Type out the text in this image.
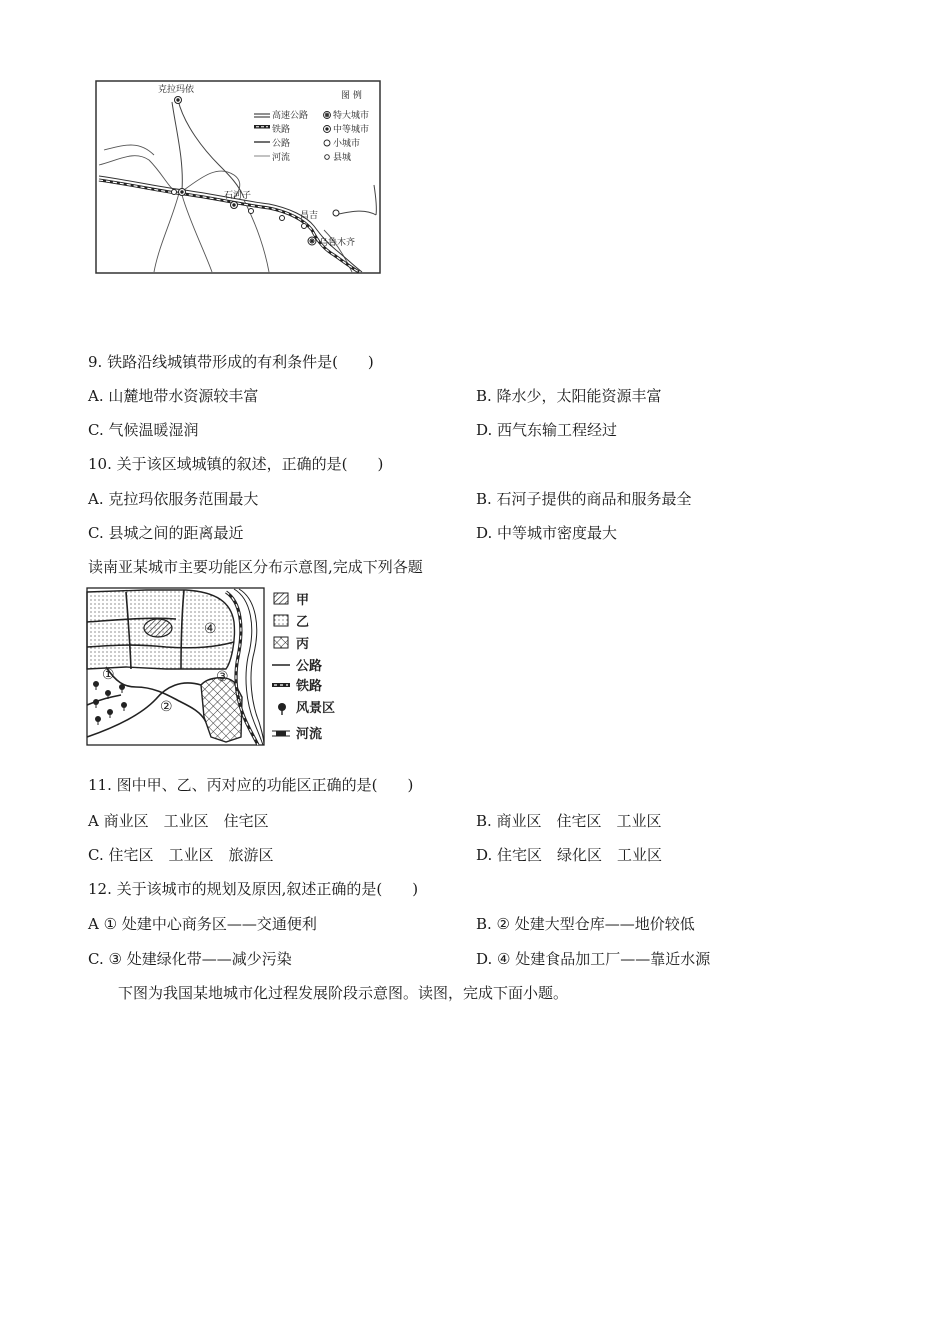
克拉玛依
石河子
昌吉
乌鲁木齐
图 例
高速公路
铁路
公路
河流
特大城市
中等城市
小城市
县城
9. 铁路沿线城镇带形成的有利条件是(　　)
A. 山麓地带水资源较丰富	B. 降水少，太阳能资源丰富
C. 气候温暖湿润	D. 西气东输工程经过
10. 关于该区域城镇的叙述，正确的是(　　)
A. 克拉玛依服务范围最大	B. 石河子提供的商品和服务最全
C. 县城之间的距离最近	D. 中等城市密度最大
读南亚某城市主要功能区分布示意图,完成下列各题
①
②
③
④
甲
乙
丙
公路
铁路
风景区
河流
11. 图中甲、乙、丙对应的功能区正确的是(　　)
A 商业区　工业区　住宅区	B. 商业区　住宅区　工业区
C. 住宅区　工业区　旅游区	D. 住宅区　绿化区　工业区
12. 关于该城市的规划及原因,叙述正确的是(　　)
A ① 处建中心商务区——交通便利	B. ② 处建大型仓库——地价较低
C. ③ 处建绿化带——减少污染	D. ④ 处建食品加工厂——靠近水源
下图为我国某地城市化过程发展阶段示意图。读图，完成下面小题。
